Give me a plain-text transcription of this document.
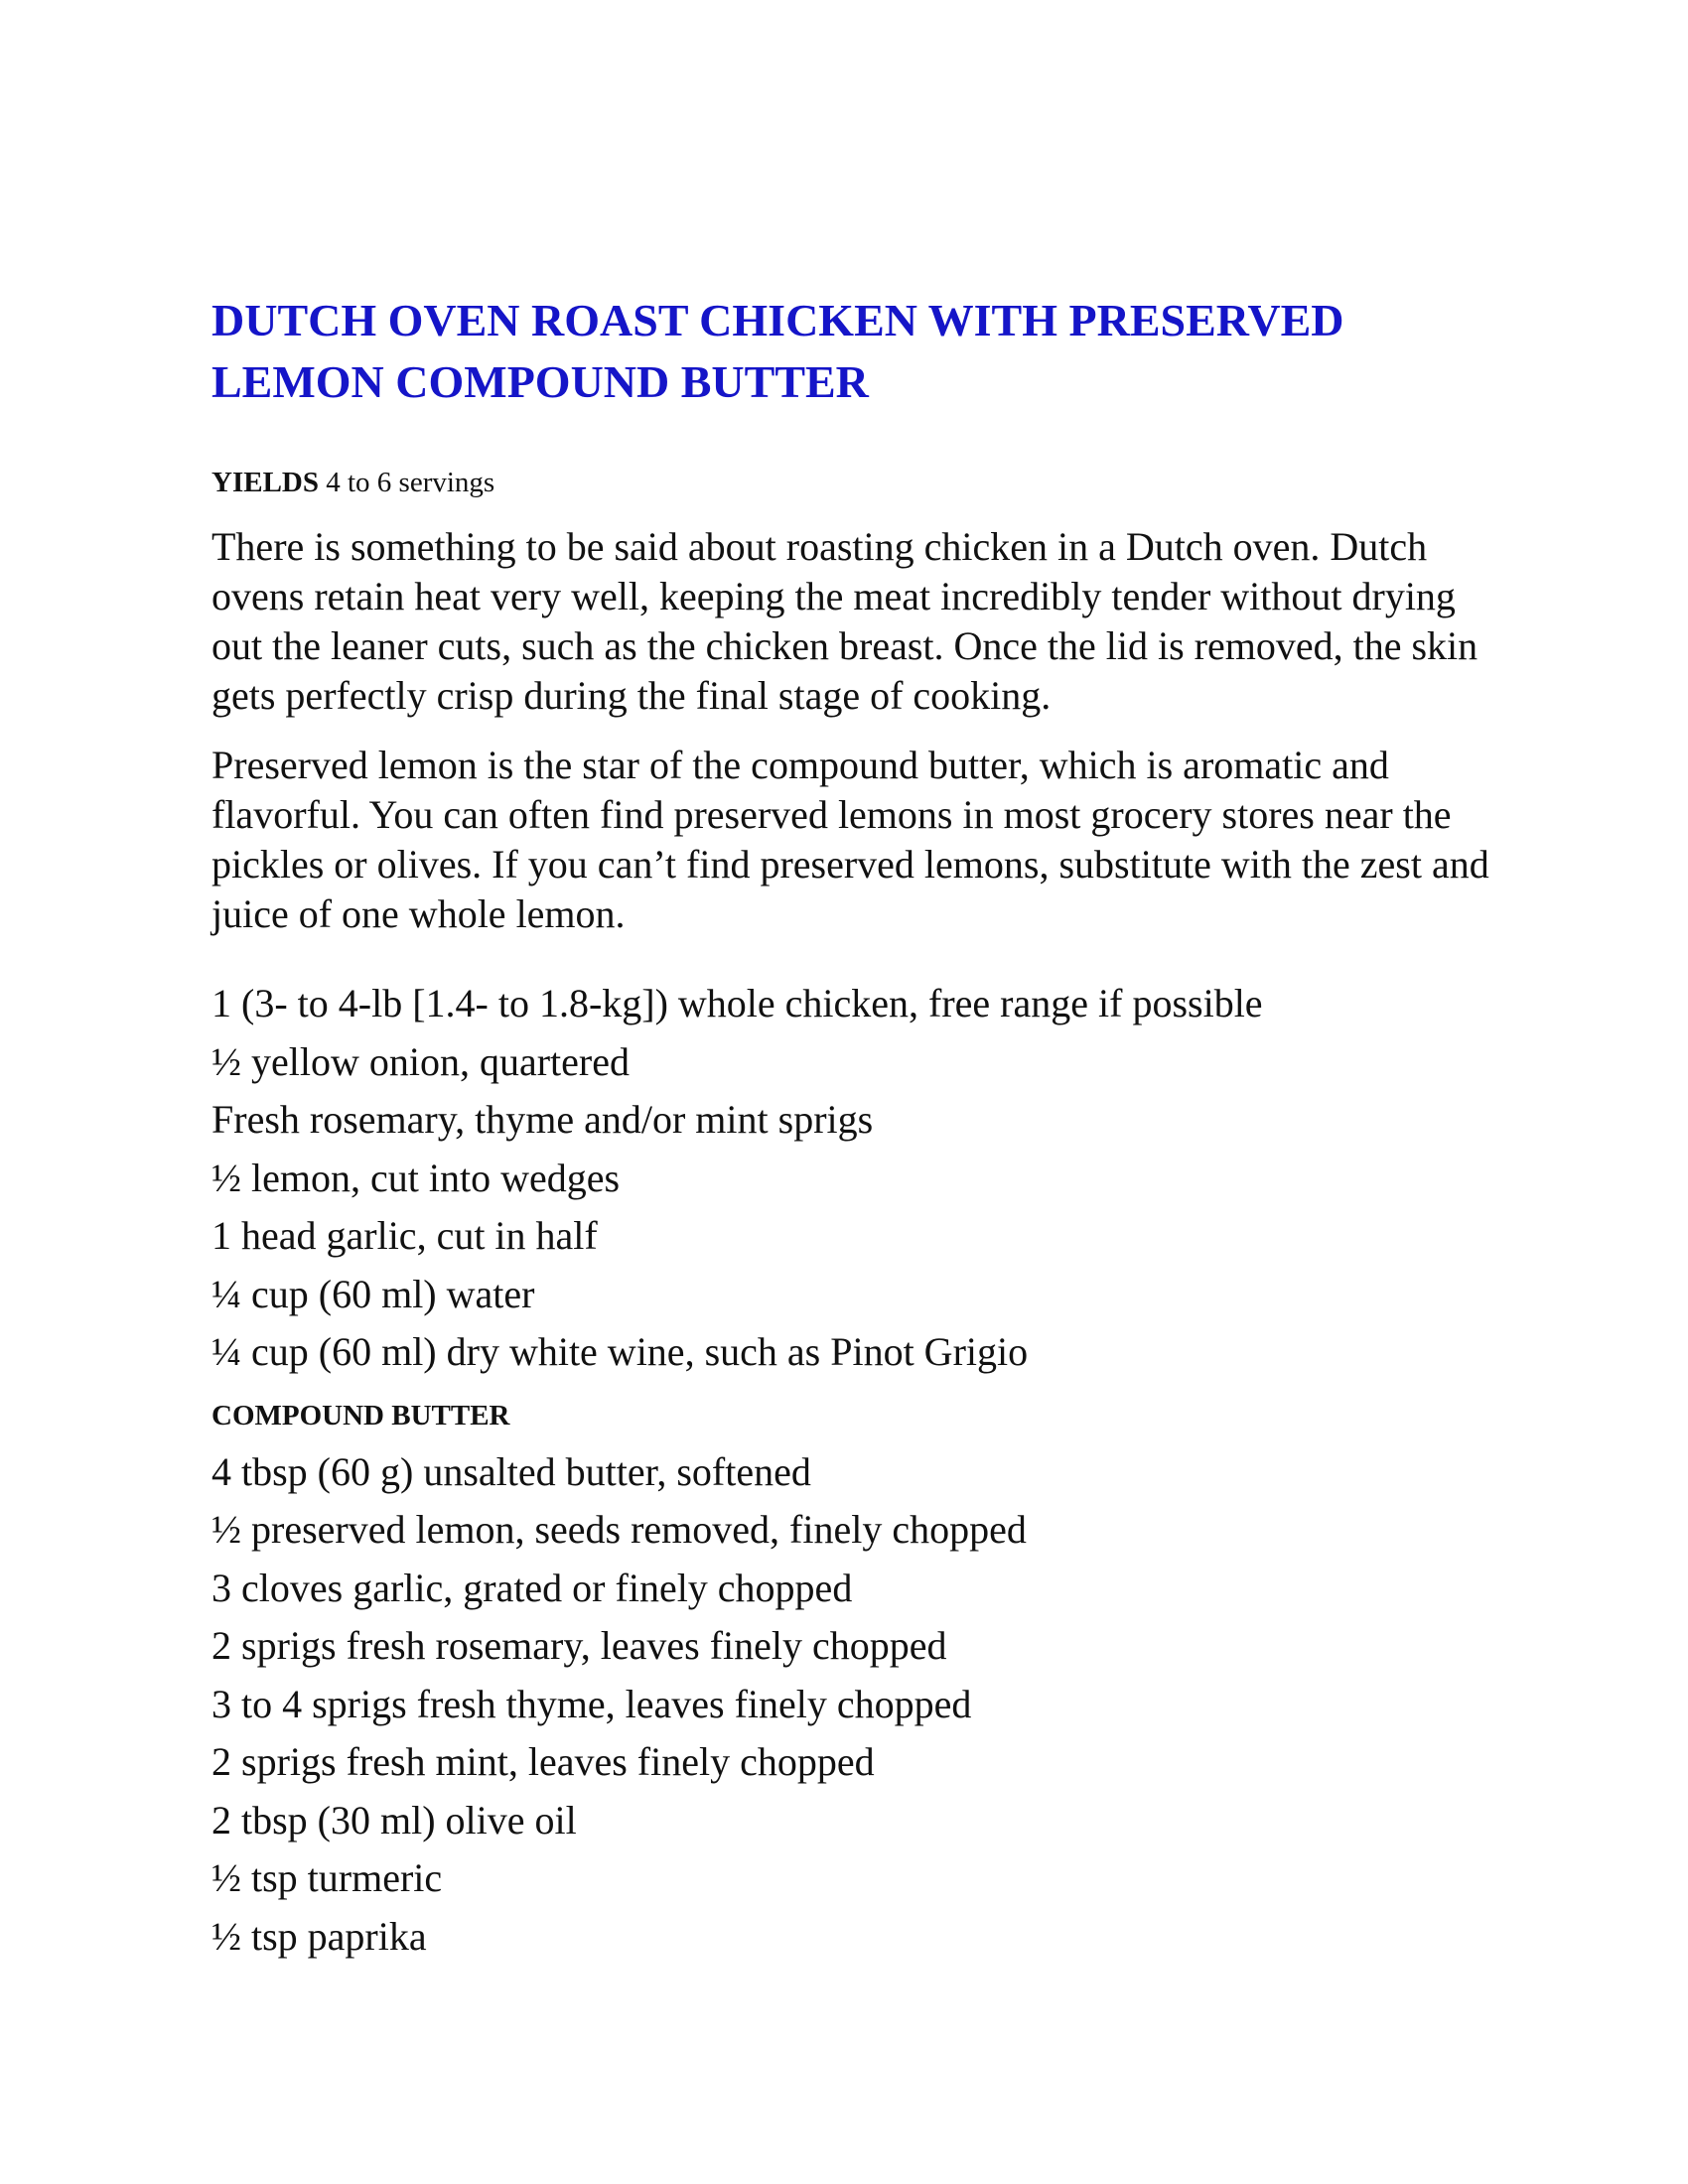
DUTCH OVEN ROAST CHICKEN WITH PRESERVED LEMON COMPOUND BUTTER

YIELDS 4 to 6 servings

There is something to be said about roasting chicken in a Dutch oven. Dutch ovens retain heat very well, keeping the meat incredibly tender without drying out the leaner cuts, such as the chicken breast. Once the lid is removed, the skin gets perfectly crisp during the final stage of cooking.

Preserved lemon is the star of the compound butter, which is aromatic and flavorful. You can often find preserved lemons in most grocery stores near the pickles or olives. If you can’t find preserved lemons, substitute with the zest and juice of one whole lemon.

1 (3- to 4-lb [1.4- to 1.8-kg]) whole chicken, free range if possible
½ yellow onion, quartered
Fresh rosemary, thyme and/or mint sprigs
½ lemon, cut into wedges
1 head garlic, cut in half
¼ cup (60 ml) water
¼ cup (60 ml) dry white wine, such as Pinot Grigio
COMPOUND BUTTER
4 tbsp (60 g) unsalted butter, softened
½ preserved lemon, seeds removed, finely chopped
3 cloves garlic, grated or finely chopped
2 sprigs fresh rosemary, leaves finely chopped
3 to 4 sprigs fresh thyme, leaves finely chopped
2 sprigs fresh mint, leaves finely chopped
2 tbsp (30 ml) olive oil
½ tsp turmeric
½ tsp paprika
